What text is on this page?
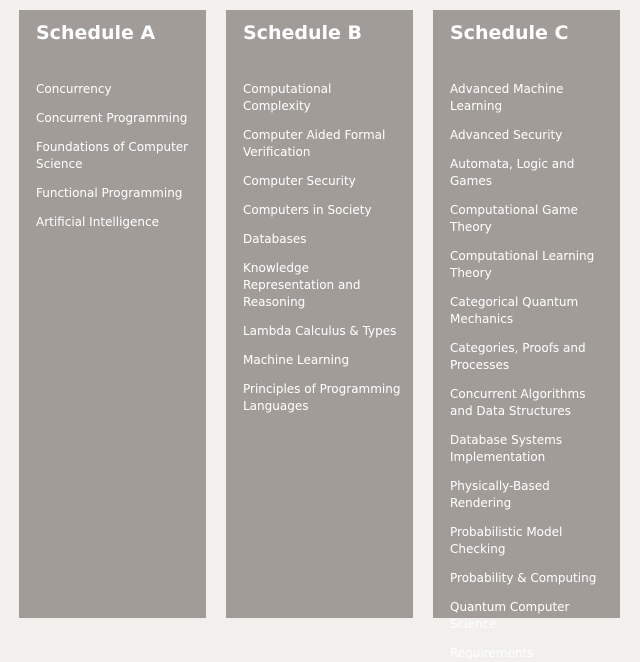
Schedule A
Concurrency
Concurrent Programming
Foundations of Computer Science
Functional Programming
Artificial Intelligence
Schedule B
Computational Complexity
Computer Aided Formal Verification
Computer Security
Computers in Society
Databases
Knowledge Representation and Reasoning
Lambda Calculus & Types
Machine Learning
Principles of Programming Languages
Schedule C
Advanced Machine Learning
Advanced Security
Automata, Logic and Games
Computational Game Theory
Computational Learning Theory
Categorical Quantum Mechanics
Categories, Proofs and Processes
Concurrent Algorithms and Data Structures
Database Systems Implementation
Physically-Based Rendering
Probabilistic Model Checking
Probability & Computing
Quantum Computer Science
Requirements
